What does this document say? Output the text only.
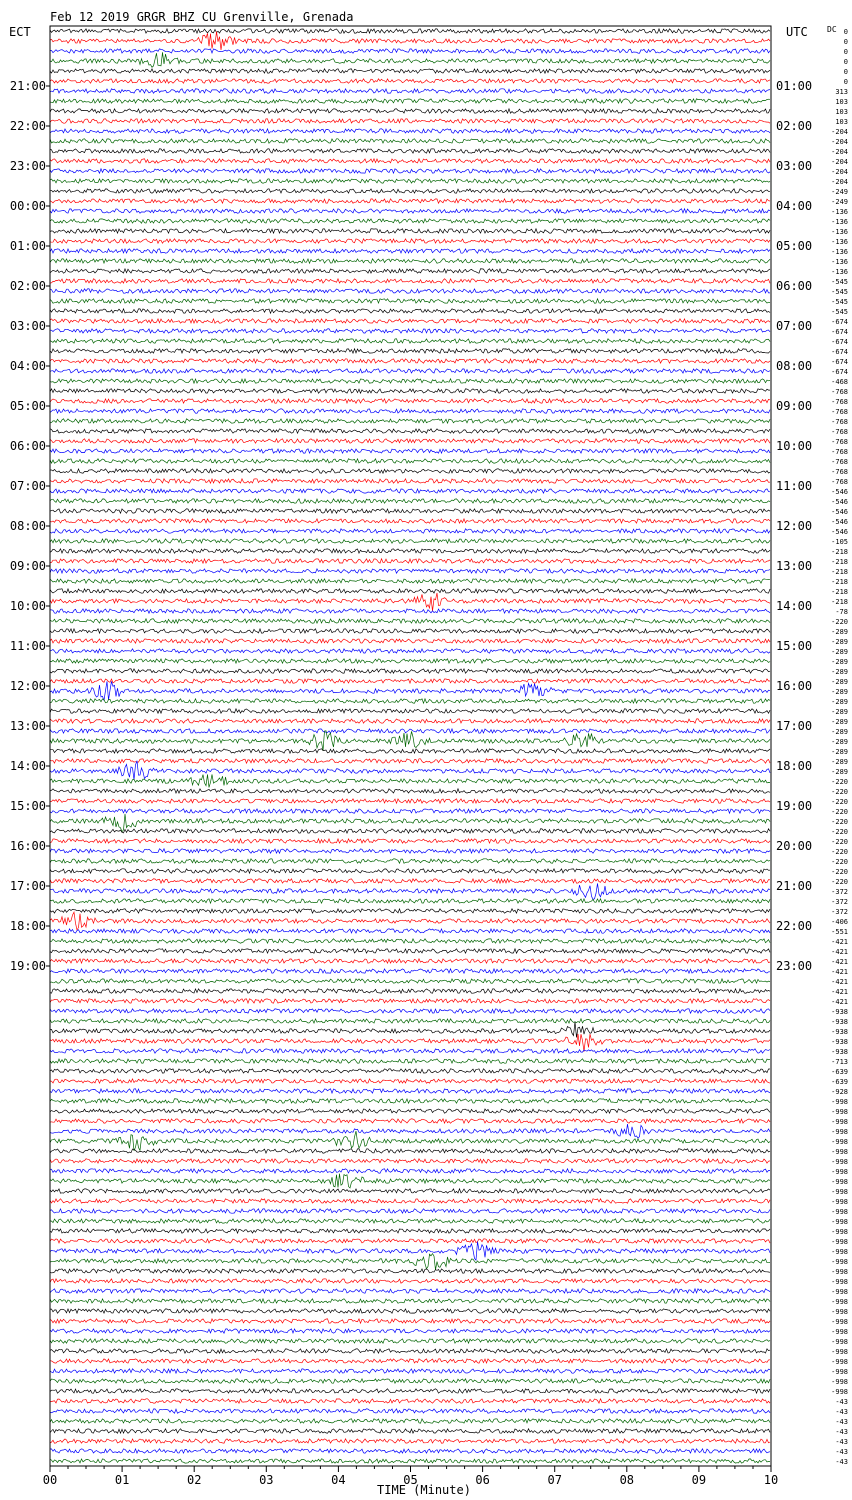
Feb 12 2019 GRGR BHZ CU Grenville, Grenada
ECT	UTC DC
21:00
22:00
23:00
00:00
01:00
02:00
03:00
04:00
05:00
06:00
07:00
08:00
09:00
10:00
11:00
12:00
13:00
14:00
15:00
16:00
17:00
18:00
19:00
01:00
02:00
03:00
04:00
05:00
06:00
07:00
08:00
09:00
10:00
11:00
12:00
13:00
14:00
15:00
16:00
17:00
18:00
19:00
20:00
21:00
22:00
23:00
0
0
0
0
0
0
313
103
103
103
-204
-204
-204
-204
-204
-204
-249
-249
-136
-136
-136
-136
-136
-136
-136
-545
-545
-545
-545
-674
-674
-674
-674
-674
-674
-468
-768
-768
-768
-768
-768
-768
-768
-768
-768
-768
-546
-546
-546
-546
-546
-105
-218
-218
-218
-218
-218
-218
-78
-220
-289
-289
-289
-289
-289
-289
-289
-289
-289
-289
-289
-289
-289
-289
-289
-220
-220
-220
-220
-220
-220
-220
-220
-220
-220
-220
-372
-372
-372
-406
-551
-421
-421
-421
-421
-421
-421
-421
-938
-938
-938
-938
-938
-713
-639
-639
-928
-998
-998
-998
-998
-998
-998
-998
-998
-998
-998
-998
-998
-998
-998
-998
-998
-998
-998
-998
-998
-998
-998
-998
-998
-998
-998
-998
-998
-998
-998
-43
-43
-43
-43
-43
-43
-43
00	01	02	03	04	05	06	07	08	09	10
TIME (Minute)
